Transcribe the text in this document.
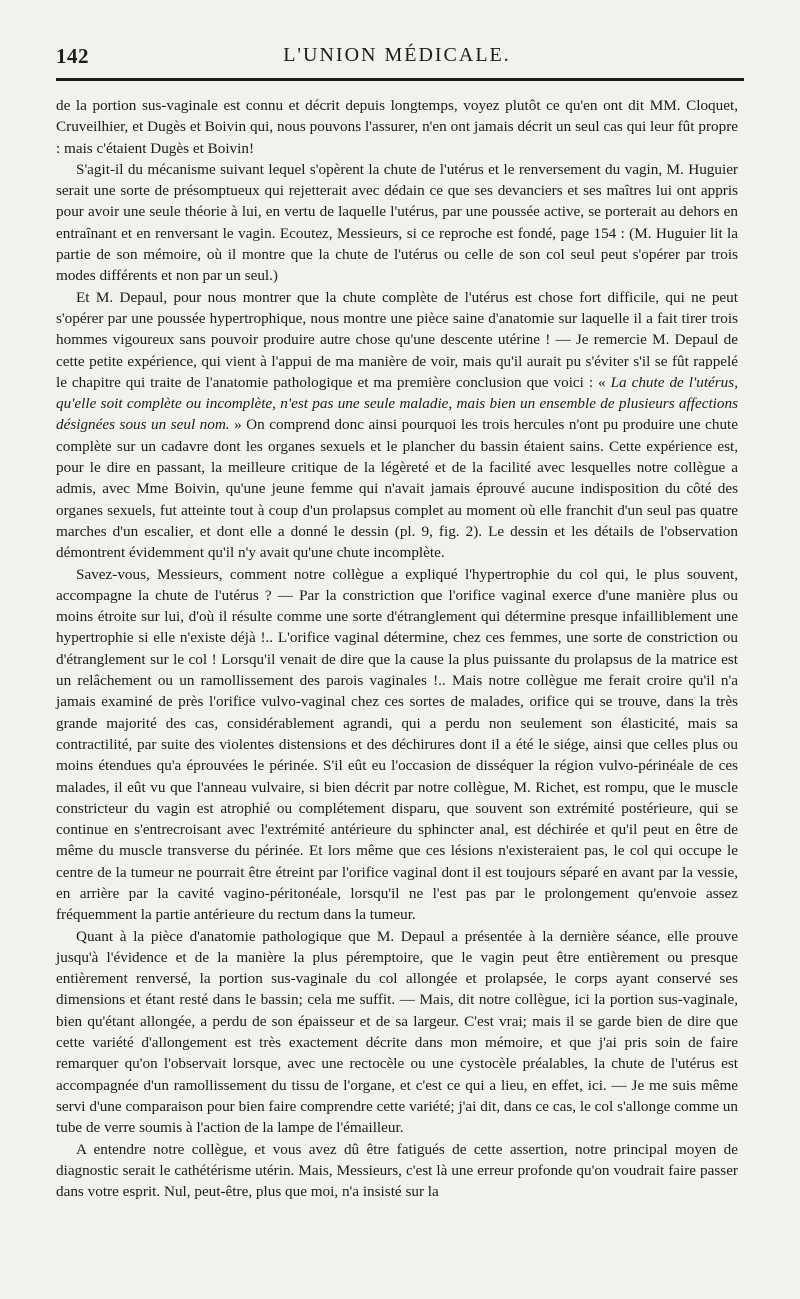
142	L'UNION MÉDICALE.

de la portion sus-vaginale est connu et décrit depuis longtemps, voyez plutôt ce qu'en ont dit MM. Cloquet, Cruveilhier, et Dugès et Boivin qui, nous pouvons l'assurer, n'en ont jamais décrit un seul cas qui leur fût propre : mais c'étaient Dugès et Boivin!

S'agit-il du mécanisme suivant lequel s'opèrent la chute de l'utérus et le renversement du vagin, M. Huguier serait une sorte de présomptueux qui rejetterait avec dédain ce que ses devanciers et ses maîtres lui ont appris pour avoir une seule théorie à lui, en vertu de laquelle l'utérus, par une poussée active, se porterait au dehors en entraînant et en renversant le vagin. Ecoutez, Messieurs, si ce reproche est fondé, page 154 : (M. Huguier lit la partie de son mémoire, où il montre que la chute de l'utérus ou celle de son col seul peut s'opérer par trois modes différents et non par un seul.)

Et M. Depaul, pour nous montrer que la chute complète de l'utérus est chose fort difficile, qui ne peut s'opérer par une poussée hypertrophique, nous montre une pièce saine d'anatomie sur laquelle il a fait tirer trois hommes vigoureux sans pouvoir produire autre chose qu'une descente utérine ! — Je remercie M. Depaul de cette petite expérience, qui vient à l'appui de ma manière de voir, mais qu'il aurait pu s'éviter s'il se fût rappelé le chapitre qui traite de l'anatomie pathologique et ma première conclusion que voici : « La chute de l'utérus, qu'elle soit complète ou incomplète, n'est pas une seule maladie, mais bien un ensemble de plusieurs affections désignées sous un seul nom. » On comprend donc ainsi pourquoi les trois hercules n'ont pu produire une chute complète sur un cadavre dont les organes sexuels et le plancher du bassin étaient sains. Cette expérience est, pour le dire en passant, la meilleure critique de la légèreté et de la facilité avec lesquelles notre collègue a admis, avec Mme Boivin, qu'une jeune femme qui n'avait jamais éprouvé aucune indisposition du côté des organes sexuels, fut atteinte tout à coup d'un prolapsus complet au moment où elle franchit d'un seul pas quatre marches d'un escalier, et dont elle a donné le dessin (pl. 9, fig. 2). Le dessin et les détails de l'observation démontrent évidemment qu'il n'y avait qu'une chute incomplète.

Savez-vous, Messieurs, comment notre collègue a expliqué l'hypertrophie du col qui, le plus souvent, accompagne la chute de l'utérus ? — Par la constriction que l'orifice vaginal exerce d'une manière plus ou moins étroite sur lui, d'où il résulte comme une sorte d'étranglement qui détermine presque infailliblement une hypertrophie si elle n'existe déjà !.. L'orifice vaginal détermine, chez ces femmes, une sorte de constriction ou d'étranglement sur le col ! Lorsqu'il venait de dire que la cause la plus puissante du prolapsus de la matrice est un relâchement ou un ramollissement des parois vaginales !.. Mais notre collègue me ferait croire qu'il n'a jamais examiné de près l'orifice vulvo-vaginal chez ces sortes de malades, orifice qui se trouve, dans la très grande majorité des cas, considérablement agrandi, qui a perdu non seulement son élasticité, mais sa contractilité, par suite des violentes distensions et des déchirures dont il a été le siége, ainsi que celles plus ou moins étendues qu'a éprouvées le périnée. S'il eût eu l'occasion de disséquer la région vulvo-périnéale de ces malades, il eût vu que l'anneau vulvaire, si bien décrit par notre collègue, M. Richet, est rompu, que le muscle constricteur du vagin est atrophié ou complétement disparu, que souvent son extrémité postérieure, qui se continue en s'entrecroisant avec l'extrémité antérieure du sphincter anal, est déchirée et qu'il peut en être de même du muscle transverse du périnée. Et lors même que ces lésions n'existeraient pas, le col qui occupe le centre de la tumeur ne pourrait être étreint par l'orifice vaginal dont il est toujours séparé en avant par la vessie, en arrière par la cavité vagino-péritonéale, lorsqu'il ne l'est pas par le prolongement qu'envoie assez fréquemment la partie antérieure du rectum dans la tumeur.

Quant à la pièce d'anatomie pathologique que M. Depaul a présentée à la dernière séance, elle prouve jusqu'à l'évidence et de la manière la plus péremptoire, que le vagin peut être entièrement ou presque entièrement renversé, la portion sus-vaginale du col allongée et prolapsée, le corps ayant conservé ses dimensions et étant resté dans le bassin; cela me suffit. — Mais, dit notre collègue, ici la portion sus-vaginale, bien qu'étant allongée, a perdu de son épaisseur et de sa largeur. C'est vrai; mais il se garde bien de dire que cette variété d'allongement est très exactement décrite dans mon mémoire, et que j'ai pris soin de faire remarquer qu'on l'observait lorsque, avec une rectocèle ou une cystocèle préalables, la chute de l'utérus est accompagnée d'un ramollissement du tissu de l'organe, et c'est ce qui a lieu, en effet, ici. — Je me suis même servi d'une comparaison pour bien faire comprendre cette variété; j'ai dit, dans ce cas, le col s'allonge comme un tube de verre soumis à l'action de la lampe de l'émailleur.

A entendre notre collègue, et vous avez dû être fatigués de cette assertion, notre principal moyen de diagnostic serait le cathétérisme utérin. Mais, Messieurs, c'est là une erreur profonde qu'on voudrait faire passer dans votre esprit. Nul, peut-être, plus que moi, n'a insisté sur la
